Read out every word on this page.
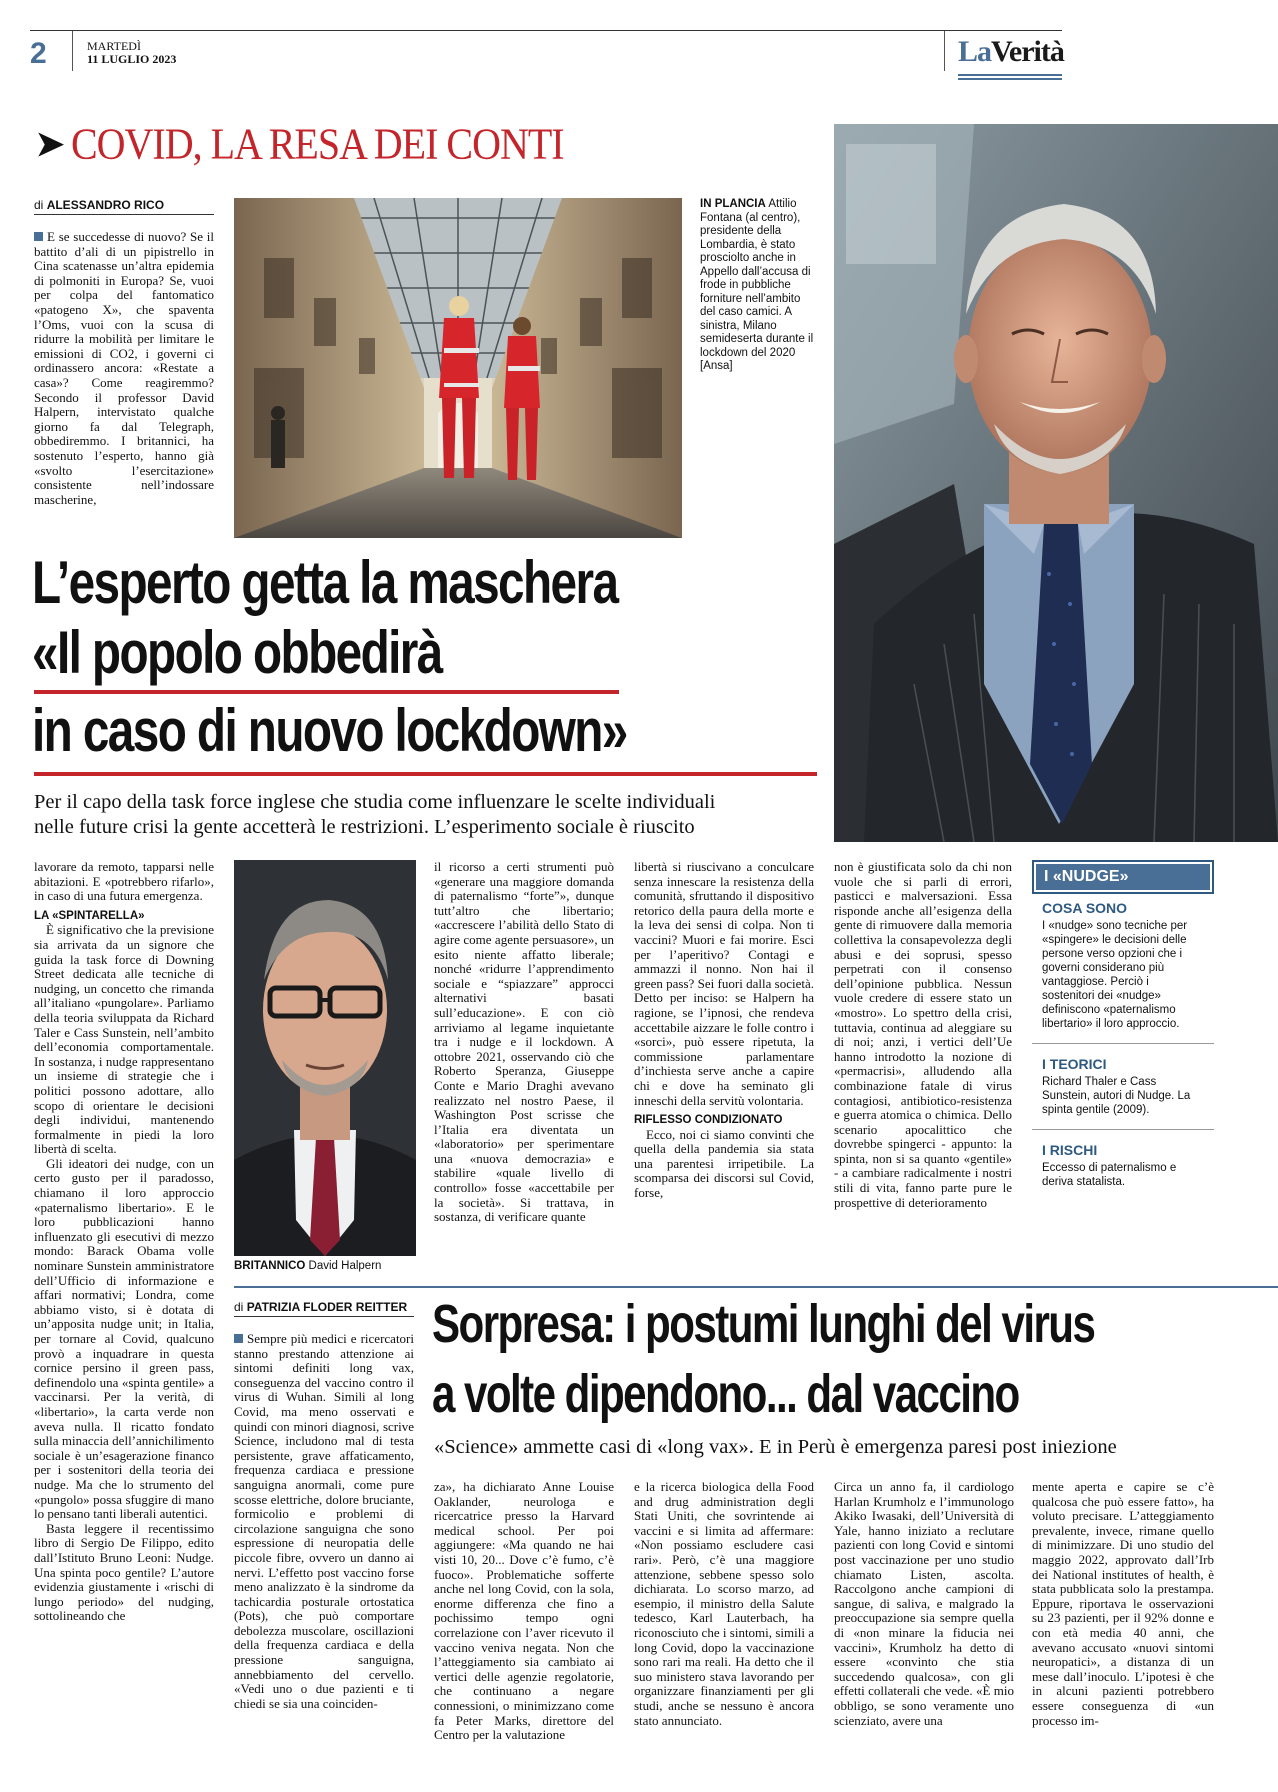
2	MARTEDÌ
11 LUGLIO 2023	LaVerità
➤ COVID, LA RESA DEI CONTI
di ALESSANDRO RICO

E se succedesse di nuovo? Se il battito d’ali di un pipistrello in Cina scatenasse un’altra epidemia di polmoniti in Europa? Se, vuoi per colpa del fantomatico «patogeno X», che spaventa l’Oms, vuoi con la scusa di ridurre la mobilità per limitare le emissioni di CO2, i governi ci ordinassero ancora: «Restate a casa»? Come reagiremmo? Secondo il professor David Halpern, intervistato qualche giorno fa dal Telegraph, obbediremmo. I britannici, ha sostenuto l’esperto, hanno già «svolto l’esercitazione» consistente nell’indossare mascherine,

IN PLANCIA Attilio Fontana (al centro), presidente della Lombardia, è stato prosciolto anche in Appello dall’accusa di frode in pubbliche forniture nell’ambito del caso camici. A sinistra, Milano semideserta durante il lockdown del 2020 [Ansa]
L’esperto getta la maschera
«Il popolo obbedirà
in caso di nuovo lockdown»
Per il capo della task force inglese che studia come influenzare le scelte individuali
nelle future crisi la gente accetterà le restrizioni. L’esperimento sociale è riuscito

lavorare da remoto, tapparsi nelle abitazioni. E «potrebbero rifarlo», in caso di una futura emergenza.

LA «SPINTARELLA»

È significativo che la previsione sia arrivata da un signore che guida la task force di Downing Street dedicata alle tecniche di nudging, un concetto che rimanda all’italiano «pungolare». Parliamo della teoria sviluppata da Richard Taler e Cass Sunstein, nell’ambito dell’economia comportamentale. In sostanza, i nudge rappresentano un insieme di strategie che i politici possono adottare, allo scopo di orientare le decisioni degli individui, mantenendo formalmente in piedi la loro libertà di scelta.

Gli ideatori dei nudge, con un certo gusto per il paradosso, chiamano il loro approccio «paternalismo libertario». E le loro pubblicazioni hanno influenzato gli esecutivi di mezzo mondo: Barack Obama volle nominare Sunstein amministratore dell’Ufficio di informazione e affari normativi; Londra, come abbiamo visto, si è dotata di un’apposita nudge unit; in Italia, per tornare al Covid, qualcuno provò a inquadrare in questa cornice persino il green pass, definendolo una «spinta gentile» a vaccinarsi. Per la verità, di «libertario», la carta verde non aveva nulla. Il ricatto fondato sulla minaccia dell’annichilimento sociale è un’esagerazione financo per i sostenitori della teoria dei nudge. Ma che lo strumento del «pungolo» possa sfuggire di mano lo pensano tanti liberali autentici.

Basta leggere il recentissimo libro di Sergio De Filippo, edito dall’Istituto Bruno Leoni: Nudge. Una spinta poco gentile? L’autore evidenzia giustamente i «rischi di lungo periodo» del nudging, sottolineando che

BRITANNICO David Halpern

il ricorso a certi strumenti può «generare una maggiore domanda di paternalismo “forte”», dunque tutt’altro che libertario; «accrescere l’abilità dello Stato di agire come agente persuasore», un esito niente affatto liberale; nonché «ridurre l’apprendimento sociale e “spiazzare” approcci alternativi basati sull’educazione». E con ciò arriviamo al legame inquietante tra i nudge e il lockdown. A ottobre 2021, osservando ciò che Roberto Speranza, Giuseppe Conte e Mario Draghi avevano realizzato nel nostro Paese, il Washington Post scrisse che l’Italia era diventata un «laboratorio» per sperimentare una «nuova democrazia» e stabilire «quale livello di controllo» fosse «accettabile per la società». Si trattava, in sostanza, di verificare quante

libertà si riuscivano a conculcare senza innescare la resistenza della comunità, sfruttando il dispositivo retorico della paura della morte e la leva dei sensi di colpa. Non ti vaccini? Muori e fai morire. Esci per l’aperitivo? Contagi e ammazzi il nonno. Non hai il green pass? Sei fuori dalla società. Detto per inciso: se Halpern ha ragione, se l’ipnosi, che rendeva accettabile aizzare le folle contro i «sorci», può essere ripetuta, la commissione parlamentare d’inchiesta serve anche a capire chi e dove ha seminato gli inneschi della servitù volontaria.

RIFLESSO CONDIZIONATO

Ecco, noi ci siamo convinti che quella della pandemia sia stata una parentesi irripetibile. La scomparsa dei discorsi sul Covid, forse,

non è giustificata solo da chi non vuole che si parli di errori, pasticci e malversazioni. Essa risponde anche all’esigenza della gente di rimuovere dalla memoria collettiva la consapevolezza degli abusi e dei soprusi, spesso perpetrati con il consenso dell’opinione pubblica. Nessun vuole credere di essere stato un «mostro». Lo spettro della crisi, tuttavia, continua ad aleggiare su di noi; anzi, i vertici dell’Ue hanno introdotto la nozione di «permacrisi», alludendo alla combinazione fatale di virus contagiosi, antibiotico-resistenza e guerra atomica o chimica. Dello scenario apocalittico che dovrebbe spingerci - appunto: la spinta, non si sa quanto «gentile» - a cambiare radicalmente i nostri stili di vita, fanno parte pure le prospettive di deterioramento

I «NUDGE»
COSA SONO

I «nudge» sono tecniche per «spingere» le decisioni delle persone verso opzioni che i governi considerano più vantaggiose. Perciò i sostenitori dei «nudge» definiscono «paternalismo libertario» il loro approccio.

I TEORICI

Richard Thaler e Cass Sunstein, autori di Nudge. La spinta gentile (2009).

I RISCHI

Eccesso di paternalismo e deriva statalista.

di PATRIZIA FLODER REITTER Sorpresa: i postumi lunghi del virus
a volte dipendono... dal vaccino
«Science» ammette casi di «long vax». E in Perù è emergenza paresi post iniezione

Sempre più medici e ricercatori stanno prestando attenzione ai sintomi definiti long vax, conseguenza del vaccino contro il virus di Wuhan. Simili al long Covid, ma meno osservati e quindi con minori diagnosi, scrive Science, includono mal di testa persistente, grave affaticamento, frequenza cardiaca e pressione sanguigna anormali, come pure scosse elettriche, dolore bruciante, formicolio e problemi di circolazione sanguigna che sono espressione di neuropatia delle piccole fibre, ovvero un danno ai nervi. L’effetto post vaccino forse meno analizzato è la sindrome da tachicardia posturale ortostatica (Pots), che può comportare debolezza muscolare, oscillazioni della frequenza cardiaca e della pressione sanguigna, annebbiamento del cervello. «Vedi uno o due pazienti e ti chiedi se sia una coinciden-

za», ha dichiarato Anne Louise Oaklander, neurologa e ricercatrice presso la Harvard medical school. Per poi aggiungere: «Ma quando ne hai visti 10, 20... Dove c’è fumo, c’è fuoco». Problematiche sofferte anche nel long Covid, con la sola, enorme differenza che fino a pochissimo tempo ogni correlazione con l’aver ricevuto il vaccino veniva negata. Non che l’atteggiamento sia cambiato ai vertici delle agenzie regolatorie, che continuano a negare connessioni, o minimizzano come fa Peter Marks, direttore del Centro per la valutazione

e la ricerca biologica della Food and drug administration degli Stati Uniti, che sovrintende ai vaccini e si limita ad affermare: «Non possiamo escludere casi rari». Però, c’è una maggiore attenzione, sebbene spesso solo dichiarata. Lo scorso marzo, ad esempio, il ministro della Salute tedesco, Karl Lauterbach, ha riconosciuto che i sintomi, simili a long Covid, dopo la vaccinazione sono rari ma reali. Ha detto che il suo ministero stava lavorando per organizzare finanziamenti per gli studi, anche se nessuno è ancora stato annunciato.

Circa un anno fa, il cardiologo Harlan Krumholz e l’immunologo Akiko Iwasaki, dell’Università di Yale, hanno iniziato a reclutare pazienti con long Covid e sintomi post vaccinazione per uno studio chiamato Listen, ascolta. Raccolgono anche campioni di sangue, di saliva, e malgrado la preoccupazione sia sempre quella di «non minare la fiducia nei vaccini», Krumholz ha detto di essere «convinto che stia succedendo qualcosa», con gli effetti collaterali che vede. «È mio obbligo, se sono veramente uno scienziato, avere una

mente aperta e capire se c’è qualcosa che può essere fatto», ha voluto precisare. L’atteggiamento prevalente, invece, rimane quello di minimizzare. Di uno studio del maggio 2022, approvato dall’Irb dei National institutes of health, è stata pubblicata solo la prestampa. Eppure, riportava le osservazioni su 23 pazienti, per il 92% donne e con età media 40 anni, che avevano accusato «nuovi sintomi neuropatici», a distanza di un mese dall’inoculo. L’ipotesi è che in alcuni pazienti potrebbero essere conseguenza di «un processo im-
